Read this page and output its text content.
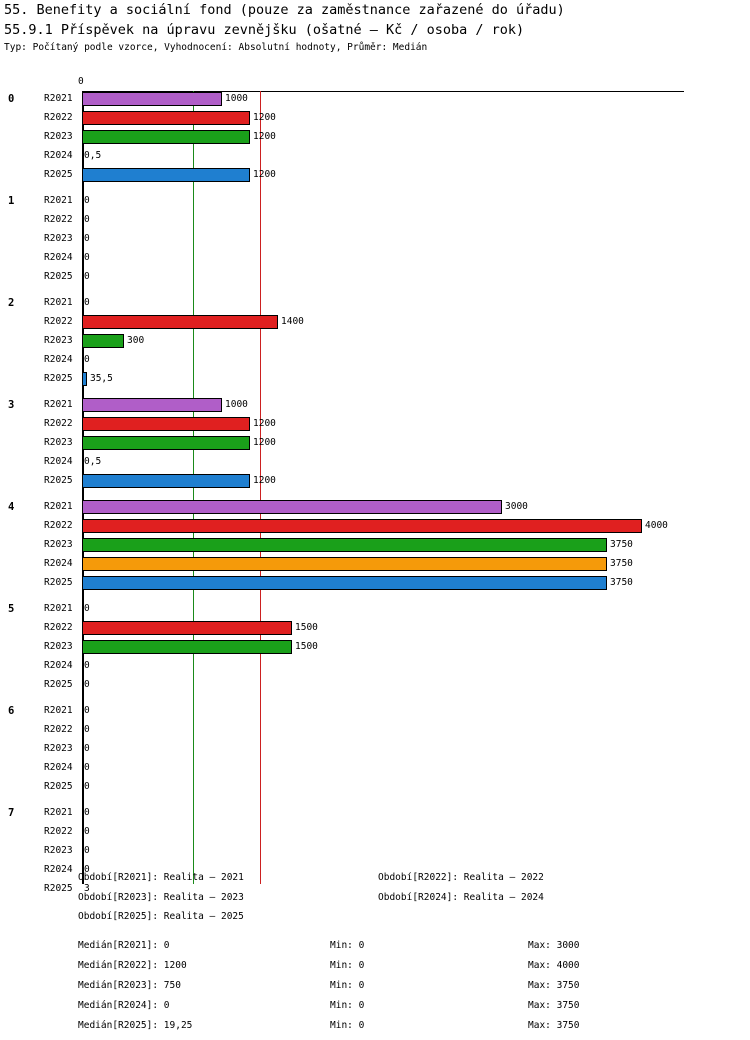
55. Benefity a sociální fond (pouze za zaměstnance zařazené do úřadu)
55.9.1 Příspěvek na úpravu zevnějšku (ošatné – Kč / osoba / rok)
Typ: Počítaný podle vzorce, Vyhodnocení: Absolutní hodnoty, Průměr: Medián
0
0	R2021	1000
R2022	1200
R2023	1200
R2024	0,5
R2025	1200
1	R2021	0
R2022	0
R2023	0
R2024	0
R2025	0
2	R2021	0
R2022	1400
R2023	300
R2024	0
R2025	35,5
3	R2021	1000
R2022	1200
R2023	1200
R2024	0,5
R2025	1200
4	R2021	3000
R2022	4000
R2023	3750
R2024	3750
R2025	3750
5	R2021	0
R2022	1500
R2023	1500
R2024	0
R2025	0
6	R2021	0
R2022	0
R2023	0
R2024	0
R2025	0
7	R2021	0
R2022	0
R2023	0
R2024	0
R2025	3
Období[R2021]: Realita – 2021	Období[R2022]: Realita – 2022
Období[R2023]: Realita – 2023	Období[R2024]: Realita – 2024
Období[R2025]: Realita – 2025
Medián[R2021]: 0	Min: 0	Max: 3000
Medián[R2022]: 1200	Min: 0	Max: 4000
Medián[R2023]: 750	Min: 0	Max: 3750
Medián[R2024]: 0	Min: 0	Max: 3750
Medián[R2025]: 19,25	Min: 0	Max: 3750
